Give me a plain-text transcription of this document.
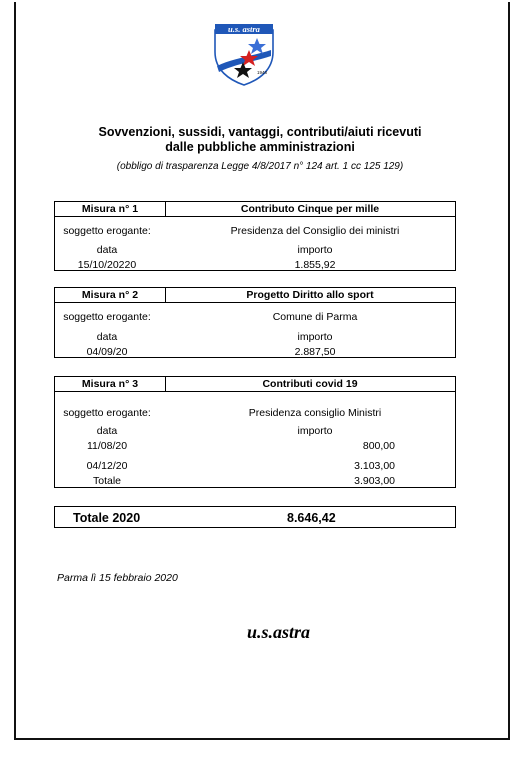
u.s. astra
1948
Sovvenzioni, sussidi, vantaggi, contributi/aiuti ricevuti
dalle pubbliche amministrazioni
(obbligo di trasparenza Legge 4/8/2017 n° 124 art. 1 cc 125 129)
Misura n° 1	Contributo Cinque per mille
soggetto erogante:	Presidenza del Consiglio dei ministri
data	importo
15/10/20220	1.855,92
Misura n° 2	Progetto Diritto allo sport
soggetto erogante:	Comune di Parma
data	importo
04/09/20	2.887,50
Misura n° 3	Contributi covid 19
soggetto erogante:	Presidenza consiglio Ministri
data	importo
11/08/20	800,00
04/12/20	3.103,00
Totale	3.903,00
Totale 2020	8.646,42
Parma lì 15 febbraio 2020
u.s.astra
